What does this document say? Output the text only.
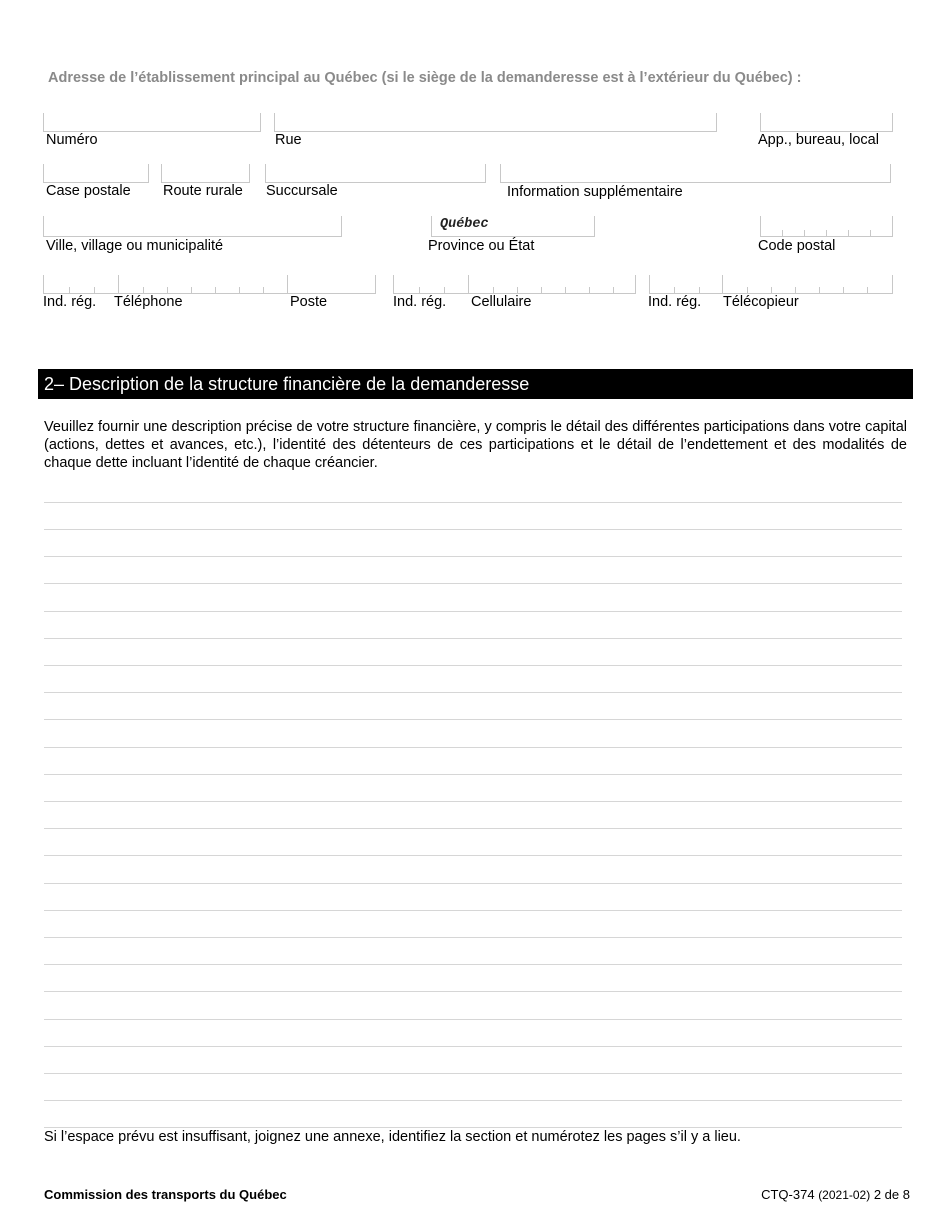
Adresse de l’établissement principal au Québec (si le siège de la demanderesse est à l’extérieur du Québec) :
Numéro	Rue	App., bureau, local
Case postale Route rurale Succursale	Information supplémentaire
Ville, village ou municipalité
Québec
Province ou État	Code postal
Ind. rég. Téléphone	Poste	Ind. rég. Cellulaire	Ind. rég. Télécopieur
2– Description de la structure financière de la demanderesse
Veuillez fournir une description précise de votre structure financière, y compris le détail des différentes participations dans votre capital (actions, dettes et avances, etc.), l’identité des détenteurs de ces participations et le détail de l’endettement et des modalités de chaque dette incluant l’identité de chaque créancier.
Si l’espace prévu est insuffisant, joignez une annexe, identifiez la section et numérotez les pages s’il y a lieu.
Commission des transports du Québec	CTQ-374 (2021-02) 2 de 8
